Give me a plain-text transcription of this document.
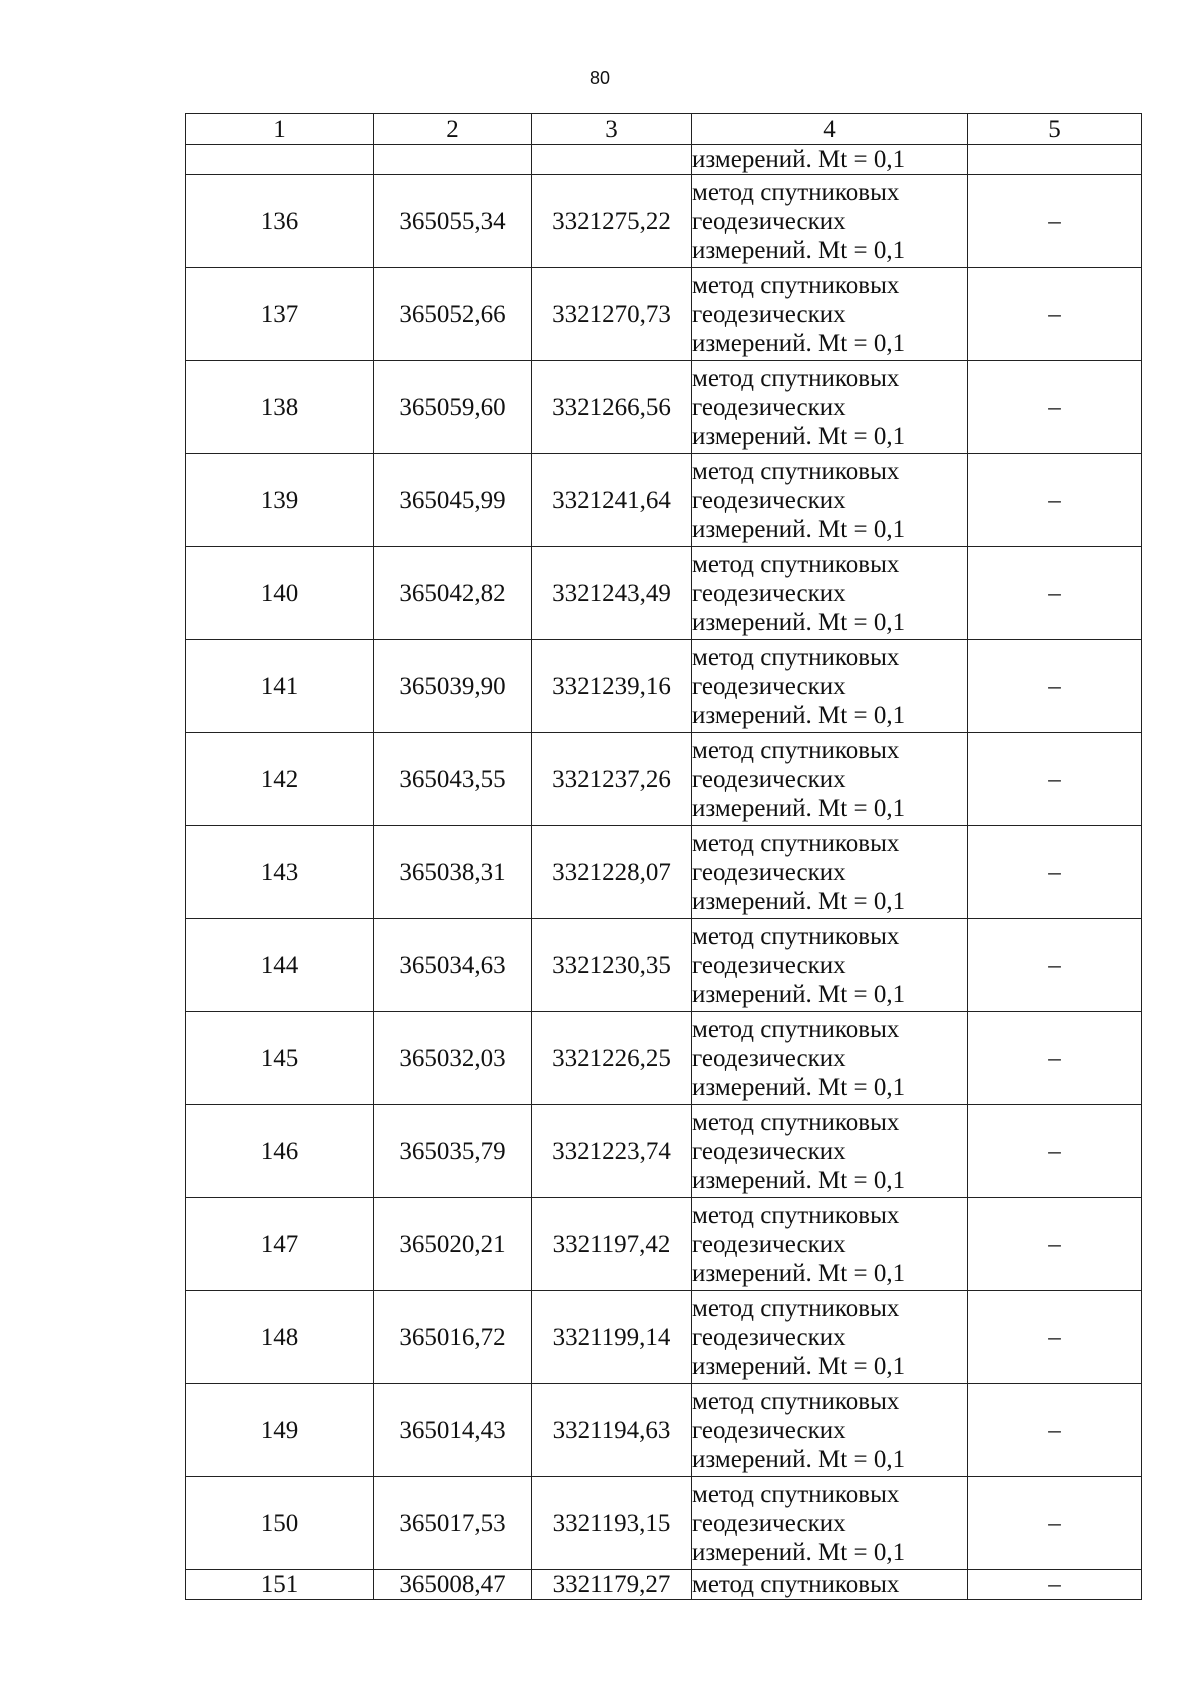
80
1	2	3	4	5
			измерений. Mt = 0,1	
136	365055,34	3321275,22	метод спутниковых
геодезических
измерений. Mt = 0,1	–
137	365052,66	3321270,73	метод спутниковых
геодезических
измерений. Mt = 0,1	–
138	365059,60	3321266,56	метод спутниковых
геодезических
измерений. Mt = 0,1	–
139	365045,99	3321241,64	метод спутниковых
геодезических
измерений. Mt = 0,1	–
140	365042,82	3321243,49	метод спутниковых
геодезических
измерений. Mt = 0,1	–
141	365039,90	3321239,16	метод спутниковых
геодезических
измерений. Mt = 0,1	–
142	365043,55	3321237,26	метод спутниковых
геодезических
измерений. Mt = 0,1	–
143	365038,31	3321228,07	метод спутниковых
геодезических
измерений. Mt = 0,1	–
144	365034,63	3321230,35	метод спутниковых
геодезических
измерений. Mt = 0,1	–
145	365032,03	3321226,25	метод спутниковых
геодезических
измерений. Mt = 0,1	–
146	365035,79	3321223,74	метод спутниковых
геодезических
измерений. Mt = 0,1	–
147	365020,21	3321197,42	метод спутниковых
геодезических
измерений. Mt = 0,1	–
148	365016,72	3321199,14	метод спутниковых
геодезических
измерений. Mt = 0,1	–
149	365014,43	3321194,63	метод спутниковых
геодезических
измерений. Mt = 0,1	–
150	365017,53	3321193,15	метод спутниковых
геодезических
измерений. Mt = 0,1	–
151	365008,47	3321179,27	метод спутниковых	–
